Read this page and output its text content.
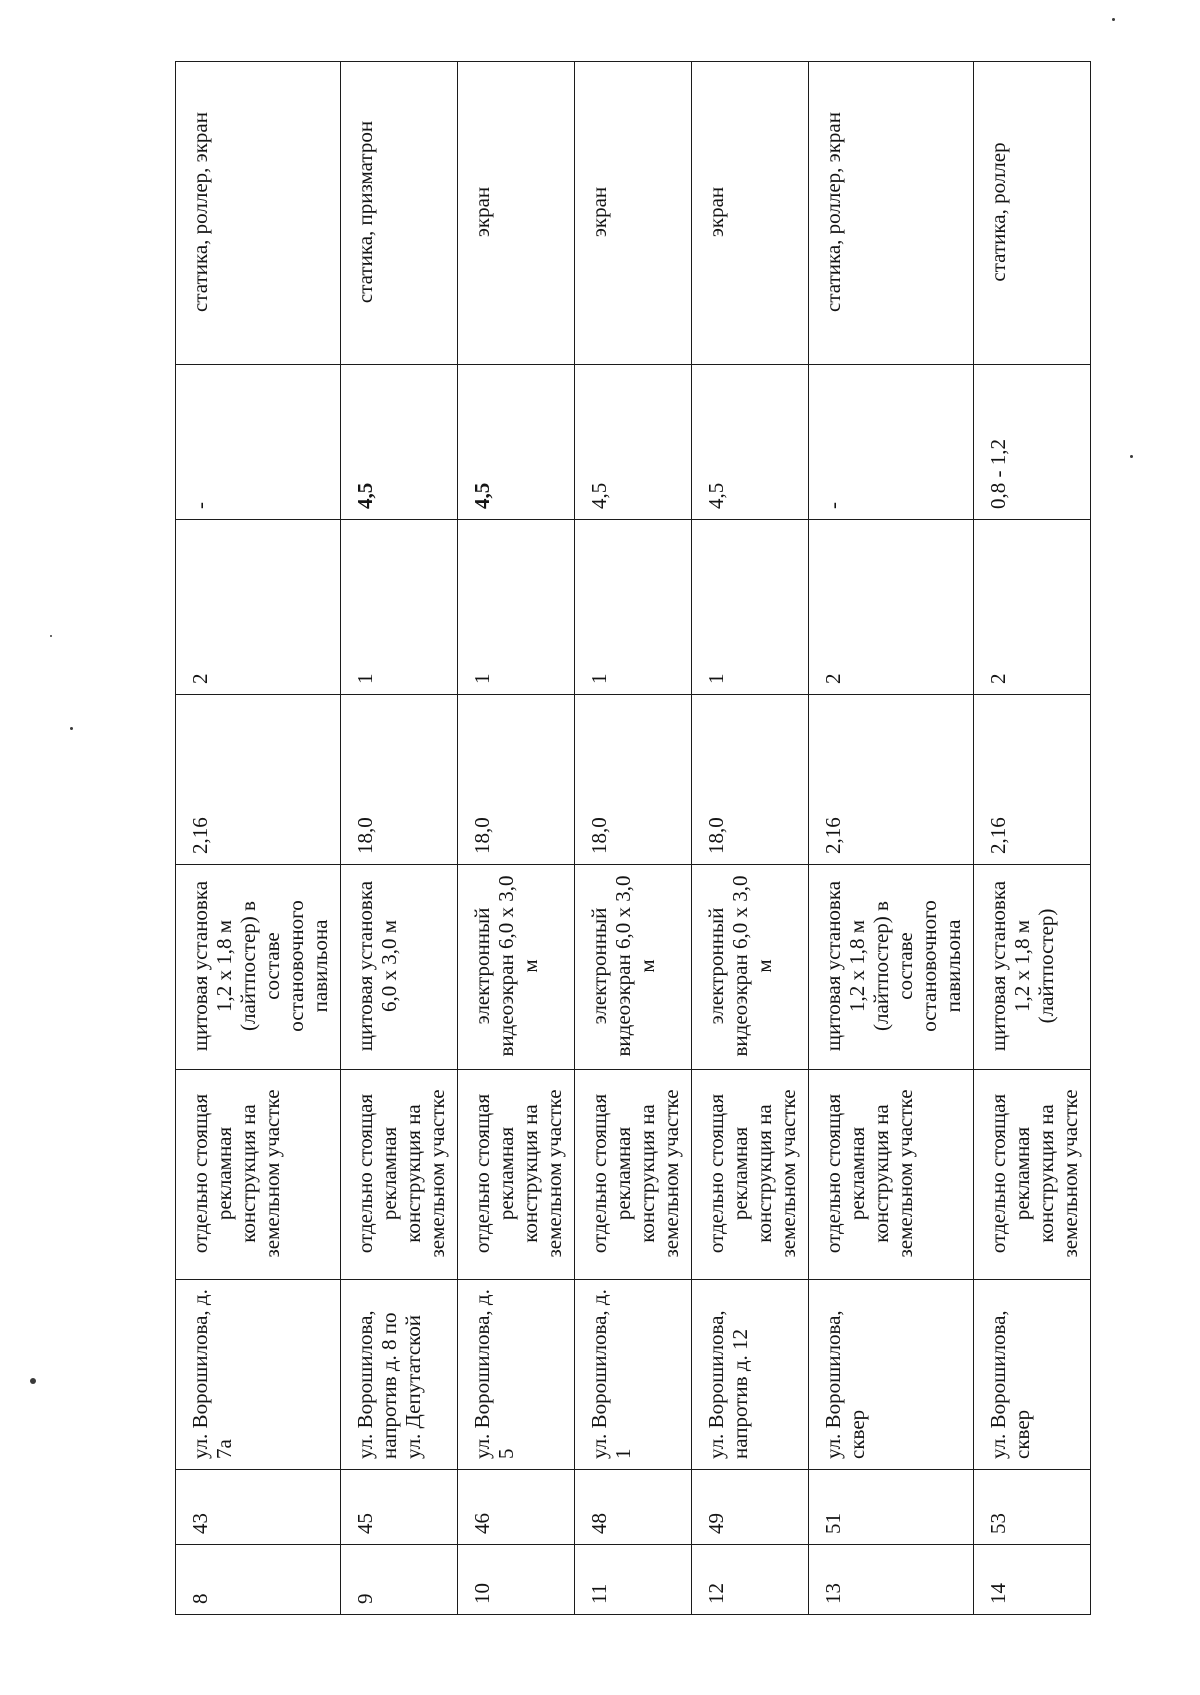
8	43	ул. Ворошилова, д. 7а	отдельно стоящая рекламная конструкция на земельном участке	щитовая установка 1,2 х 1,8 м (лайтпостер) в составе остановочного павильона	2,16	2	-	статика, роллер, экран
9	45	ул. Ворошилова, напротив д. 8 по ул. Депутатской	отдельно стоящая рекламная конструкция на земельном участке	щитовая установка 6,0 х 3,0 м	18,0	1	4,5	статика, призматрон
10	46	ул. Ворошилова, д. 5	отдельно стоящая рекламная конструкция на земельном участке	электронный видеоэкран 6,0 х 3,0 м	18,0	1	4,5	экран
11	48	ул. Ворошилова, д. 1	отдельно стоящая рекламная конструкция на земельном участке	электронный видеоэкран 6,0 х 3,0 м	18,0	1	4,5	экран
12	49	ул. Ворошилова, напротив д. 12	отдельно стоящая рекламная конструкция на земельном участке	электронный видеоэкран 6,0 х 3,0 м	18,0	1	4,5	экран
13	51	ул. Ворошилова, сквер	отдельно стоящая рекламная конструкция на земельном участке	щитовая установка 1,2 х 1,8 м (лайтпостер) в составе остановочного павильона	2,16	2	-	статика, роллер, экран
14	53	ул. Ворошилова, сквер	отдельно стоящая рекламная конструкция на земельном участке	щитовая установка 1,2 х 1,8 м (лайтпостер)	2,16	2	0,8 - 1,2	статика, роллер
